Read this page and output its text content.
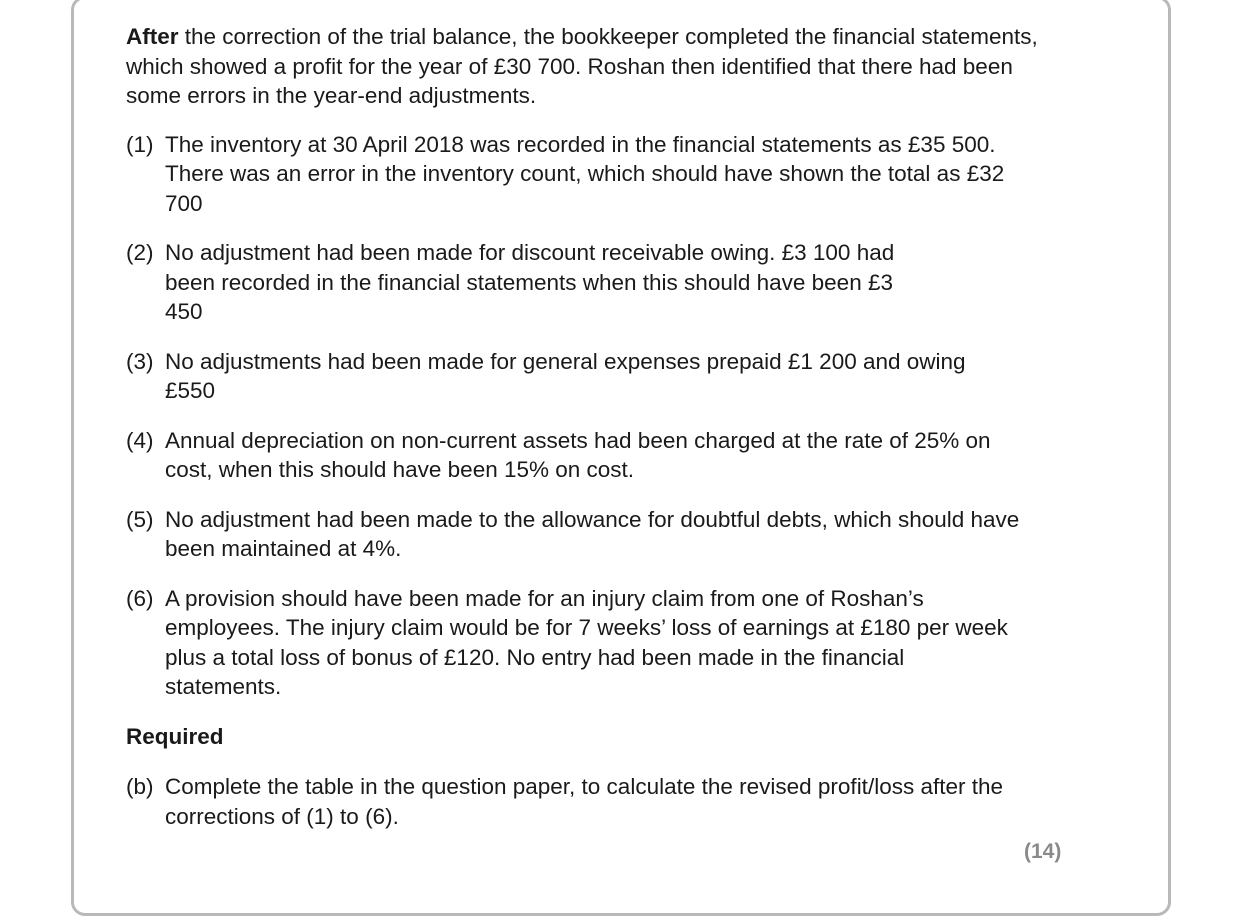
After the correction of the trial balance, the bookkeeper completed the financial statements, which showed a profit for the year of £30 700. Roshan then identified that there had been some errors in the year-end adjustments.

(1) The inventory at 30 April 2018 was recorded in the financial statements as £35 500. There was an error in the inventory count, which should have shown the total as £32 700
(2) No adjustment had been made for discount receivable owing. £3 100 had been recorded in the financial statements when this should have been £3 450
(3) No adjustments had been made for general expenses prepaid £1 200 and owing £550
(4) Annual depreciation on non-current assets had been charged at the rate of 25% on cost, when this should have been 15% on cost.
(5) No adjustment had been made to the allowance for doubtful debts, which should have been maintained at 4%.
(6) A provision should have been made for an injury claim from one of Roshan’s employees. The injury claim would be for 7 weeks’ loss of earnings at £180 per week plus a total loss of bonus of £120. No entry had been made in the financial statements.
Required
(b) Complete the table in the question paper, to calculate the revised profit/loss after the corrections of (1) to (6).
(14)
